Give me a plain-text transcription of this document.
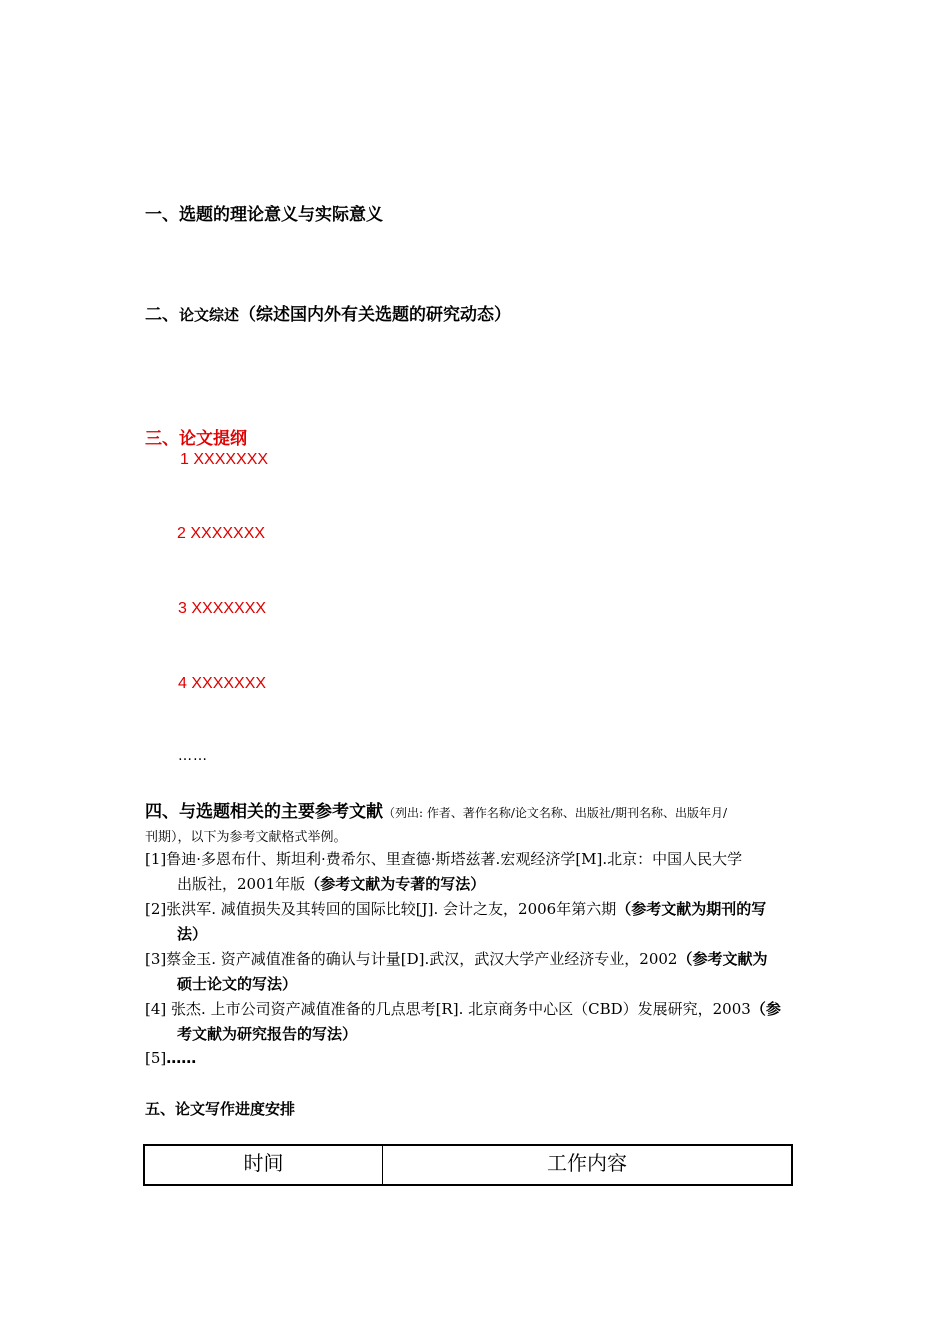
一、选题的理论意义与实际意义
二、论文综述（综述国内外有关选题的研究动态）
三、论文提纲
1 XXXXXXX
2 XXXXXXX
3 XXXXXXX
4 XXXXXXX
……
四、与选题相关的主要参考文献（列出: 作者、著作名称/论文名称、出版社/期刊名称、出版年月/
刊期），以下为参考文献格式举例。
[1]鲁迪·多恩布什、斯坦利·费希尔、里查德·斯塔兹著.宏观经济学[M].北京：中国人民大学
出版社，2001年版（参考文献为专著的写法）
[2]张洪军. 减值损失及其转回的国际比较[J]. 会计之友，2006年第六期（参考文献为期刊的写
法）
[3]蔡金玉. 资产减值准备的确认与计量[D].武汉，武汉大学产业经济专业，2002（参考文献为
硕士论文的写法）
[4] 张杰. 上市公司资产减值准备的几点思考[R]. 北京商务中心区（CBD）发展研究，2003（参
考文献为研究报告的写法）
[5]……
五、论文写作进度安排
时间	工作内容
